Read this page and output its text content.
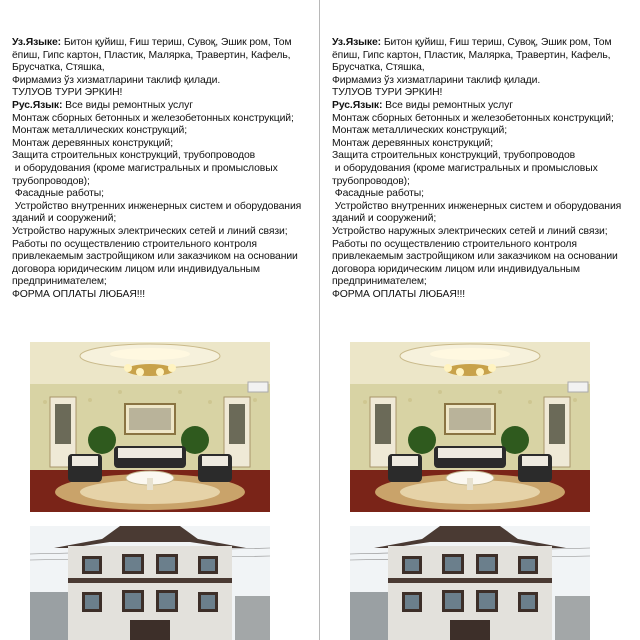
Уз.Языке: Битон қуйиш, Ғиш териш, Сувоқ, Эшик ром, Том ёпиш, Гипс картон, Пластик, Малярка, Травертин, Кафель, Брусчатка, Стяшка,
Фирмамиз ўз хизматларини таклиф қилади.
ТУЛУОВ ТУРИ ЭРКИН!
Рус.Язык: Все виды ремонтных услуг
Монтаж сборных бетонных и железобетонных конструкций;
Монтаж металлических конструкций;
Монтаж деревянных конструкций;
Защита строительных конструкций, трубопроводов
и оборудования (кроме магистральных и промысловых трубопроводов);
Фасадные работы;
Устройство внутренних инженерных систем и оборудования зданий и сооружений;
Устройство наружных электрических сетей и линий связи;
Работы по осуществлению строительного контроля привлекаемым застройщиком или заказчиком на основании договора юридическим лицом или индивидуальным предпринимателем;
ФОРМА ОПЛАТЫ ЛЮБАЯ!!!
Уз.Языке: Битон қуйиш, Ғиш териш, Сувоқ, Эшик ром, Том ёпиш, Гипс картон, Пластик, Малярка, Травертин, Кафель, Брусчатка, Стяшка,
Фирмамиз ўз хизматларини таклиф қилади.
ТУЛУОВ ТУРИ ЭРКИН!
Рус.Язык: Все виды ремонтных услуг
Монтаж сборных бетонных и железобетонных конструкций;
Монтаж металлических конструкций;
Монтаж деревянных конструкций;
Защита строительных конструкций, трубопроводов
и оборудования (кроме магистральных и промысловых трубопроводов);
Фасадные работы;
Устройство внутренних инженерных систем и оборудования зданий и сооружений;
Устройство наружных электрических сетей и линий связи;
Работы по осуществлению строительного контроля привлекаемым застройщиком или заказчиком на основании договора юридическим лицом или индивидуальным предпринимателем;
ФОРМА ОПЛАТЫ ЛЮБАЯ!!!
